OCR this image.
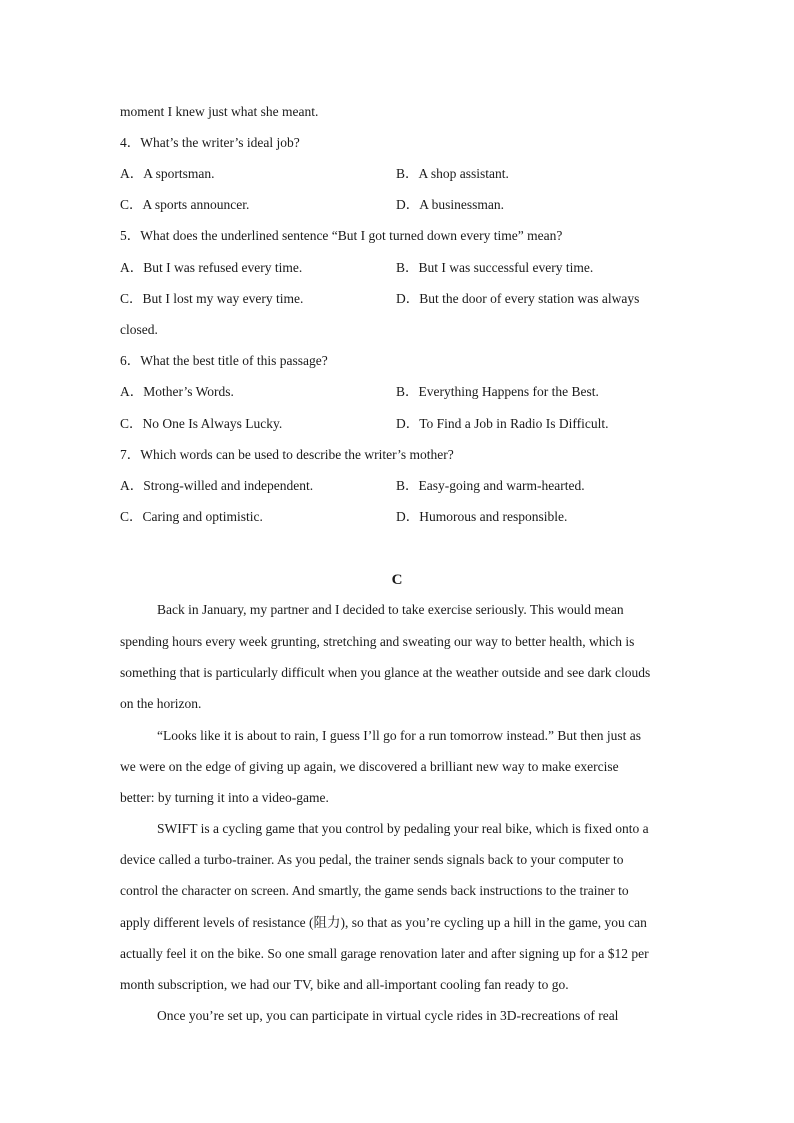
moment I knew just what she meant.
4．What’s the writer’s ideal job?
A．A sportsman.	B．A shop assistant.
C．A sports announcer.	D．A businessman.
5．What does the underlined sentence “But I got turned down every time” mean?
A．But I was refused every time.	B．But I was successful every time.
C．But I lost my way every time.	D．But the door of every station was always
closed.
6．What the best title of this passage?
A．Mother’s Words.	B．Everything Happens for the Best.
C．No One Is Always Lucky.	D．To Find a Job in Radio Is Difficult.
7．Which words can be used to describe the writer’s mother?
A．Strong-willed and independent.	B．Easy-going and warm-hearted.
C．Caring and optimistic.	D．Humorous and responsible.
C
Back in January, my partner and I decided to take exercise seriously. This would mean
spending hours every week grunting, stretching and sweating our way to better health, which is
something that is particularly difficult when you glance at the weather outside and see dark clouds
on the horizon.
“Looks like it is about to rain, I guess I’ll go for a run tomorrow instead.” But then just as
we were on the edge of giving up again, we discovered a brilliant new way to make exercise
better: by turning it into a video-game.
SWIFT is a cycling game that you control by pedaling your real bike, which is fixed onto a
device called a turbo-trainer. As you pedal, the trainer sends signals back to your computer to
control the character on screen. And smartly, the game sends back instructions to the trainer to
apply different levels of resistance (阻力), so that as you’re cycling up a hill in the game, you can
actually feel it on the bike. So one small garage renovation later and after signing up for a $12 per
month subscription, we had our TV, bike and all-important cooling fan ready to go.
Once you’re set up, you can participate in virtual cycle rides in 3D-recreations of real
